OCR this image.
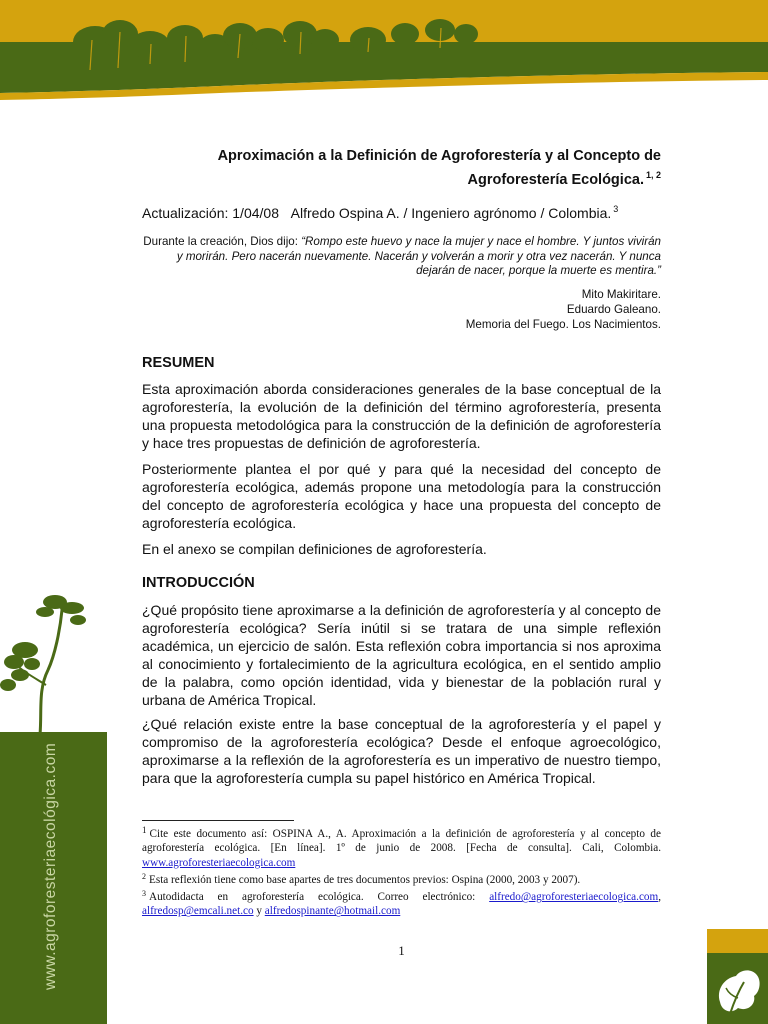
www.agroforesteriaecológica.com
Aproximación a la Definición de Agroforestería y al Concepto de
Agroforestería Ecológica. $^{1, 2}$
Actualización: 1/04/08 Alfredo Ospina A. / Ingeniero agrónomo / Colombia. $^3$
Durante la creación, Dios dijo: “Rompo este huevo y nace la mujer y nace el hombre. Y juntos vivirán y morirán. Pero nacerán nuevamente. Nacerán y volverán a morir y otra vez nacerán. Y nunca dejarán de nacer, porque la muerte es mentira.”
Mito Makiritare.
Eduardo Galeano.
Memoria del Fuego. Los Nacimientos.
RESUMEN
Esta aproximación aborda consideraciones generales de la base conceptual de la agroforestería, la evolución de la definición del término agroforestería, presenta una propuesta metodológica para la construcción de la definición de agroforestería y hace tres propuestas de definición de agroforestería.
Posteriormente plantea el por qué y para qué la necesidad del concepto de agroforestería ecológica, además propone una metodología para la construcción del concepto de agroforestería ecológica y hace una propuesta del concepto de agroforestería ecológica.
En el anexo se compilan definiciones de agroforestería.
INTRODUCCIÓN
¿Qué propósito tiene aproximarse a la definición de agroforestería y al concepto de agroforestería ecológica? Sería inútil si se tratara de una simple reflexión académica, un ejercicio de salón. Esta reflexión cobra importancia si nos aproxima al conocimiento y fortalecimiento de la agricultura ecológica, en el sentido amplio de la palabra, como opción identidad, vida y bienestar de la población rural y urbana de América Tropical.
¿Qué relación existe entre la base conceptual de la agroforestería y el papel y compromiso de la agroforestería ecológica? Desde el enfoque agroecológico, aproximarse a la reflexión de la agroforestería es un imperativo de nuestro tiempo, para que la agroforestería cumpla su papel histórico en América Tropical.

$^1$ Cite este documento así: OSPINA A., A. Aproximación a la definición de agroforestería y al concepto de agroforestería ecológica. [En línea]. 1º de junio de 2008. [Fecha de consulta]. Cali, Colombia. www.agroforesteriaecologica.com

$^2$ Esta reflexión tiene como base apartes de tres documentos previos: Ospina (2000, 2003 y 2007).

$^3$ Autodidacta en agroforestería ecológica. Correo electrónico: alfredo@agroforesteriaecologica.com, alfredosp@emcali.net.co y alfredospinante@hotmail.com

1
